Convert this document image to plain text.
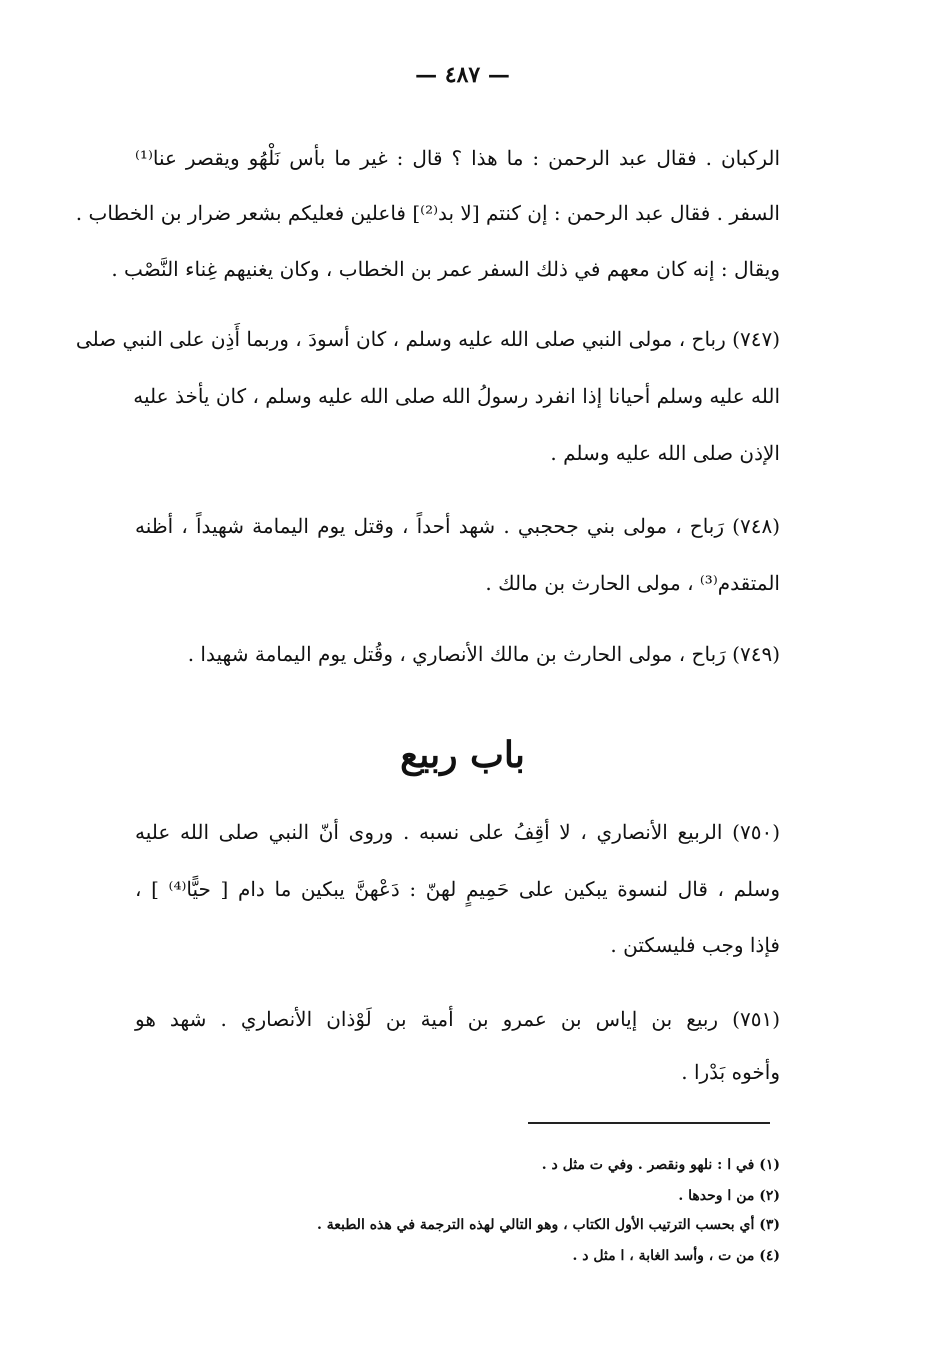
— ٤٨٧ —
الركبان . فقال عبد الرحمن : ما هذا ؟ قال : غير ما بأس نَلْهُو ويقصر عنا⁽¹⁾
السفر . فقال عبد الرحمن : إن كنتم [لا بد⁽²⁾] فاعلين فعليكم بشعر ضرار بن الخطاب .
ويقال : إنه كان معهم في ذلك السفر عمر بن الخطاب ، وكان يغنيهم غِناء النَّصْب .
(٧٤٧) رباح ، مولى النبي صلى الله عليه وسلم ، كان أسودَ ، وربما أَذِن على النبي صلى
الله عليه وسلم أحيانا إذا انفرد رسولُ الله صلى الله عليه وسلم ، كان يأخذ عليه
الإذن صلى الله عليه وسلم .
(٧٤٨) رَباح ، مولى بني جحجبي . شهد أحداً ، وقتل يوم اليمامة شهيداً ، أظنه
المتقدم⁽³⁾ ، مولى الحارث بن مالك .
(٧٤٩) رَباح ، مولى الحارث بن مالك الأنصاري ، وقُتل يوم اليمامة شهيدا .
باب ربيع
(٧٥٠) الربيع الأنصاري ، لا أقِفُ على نسبه . وروى أنّ النبي صلى الله عليه
وسلم ، قال لنسوة يبكين على حَمِيمٍ لهنّ : دَعْهنَّ يبكين ما دام [ حيًّا⁽⁴⁾ ] ،
فإذا وجب فليسكتن .
(٧٥١) ربيع بن إياس بن عمرو بن أمية بن لَوْذان الأنصاري . شهد هو
وأخوه بَدْرا .
(١) في ا : نلهو ونقصر . وفي ت مثل د .
(٢) من ا وحدها .
(٣) أي بحسب الترتيب الأول الكتاب ، وهو التالي لهذه الترجمة في هذه الطبعة .
(٤) من ت ، وأسد الغابة ، ا مثل د .
